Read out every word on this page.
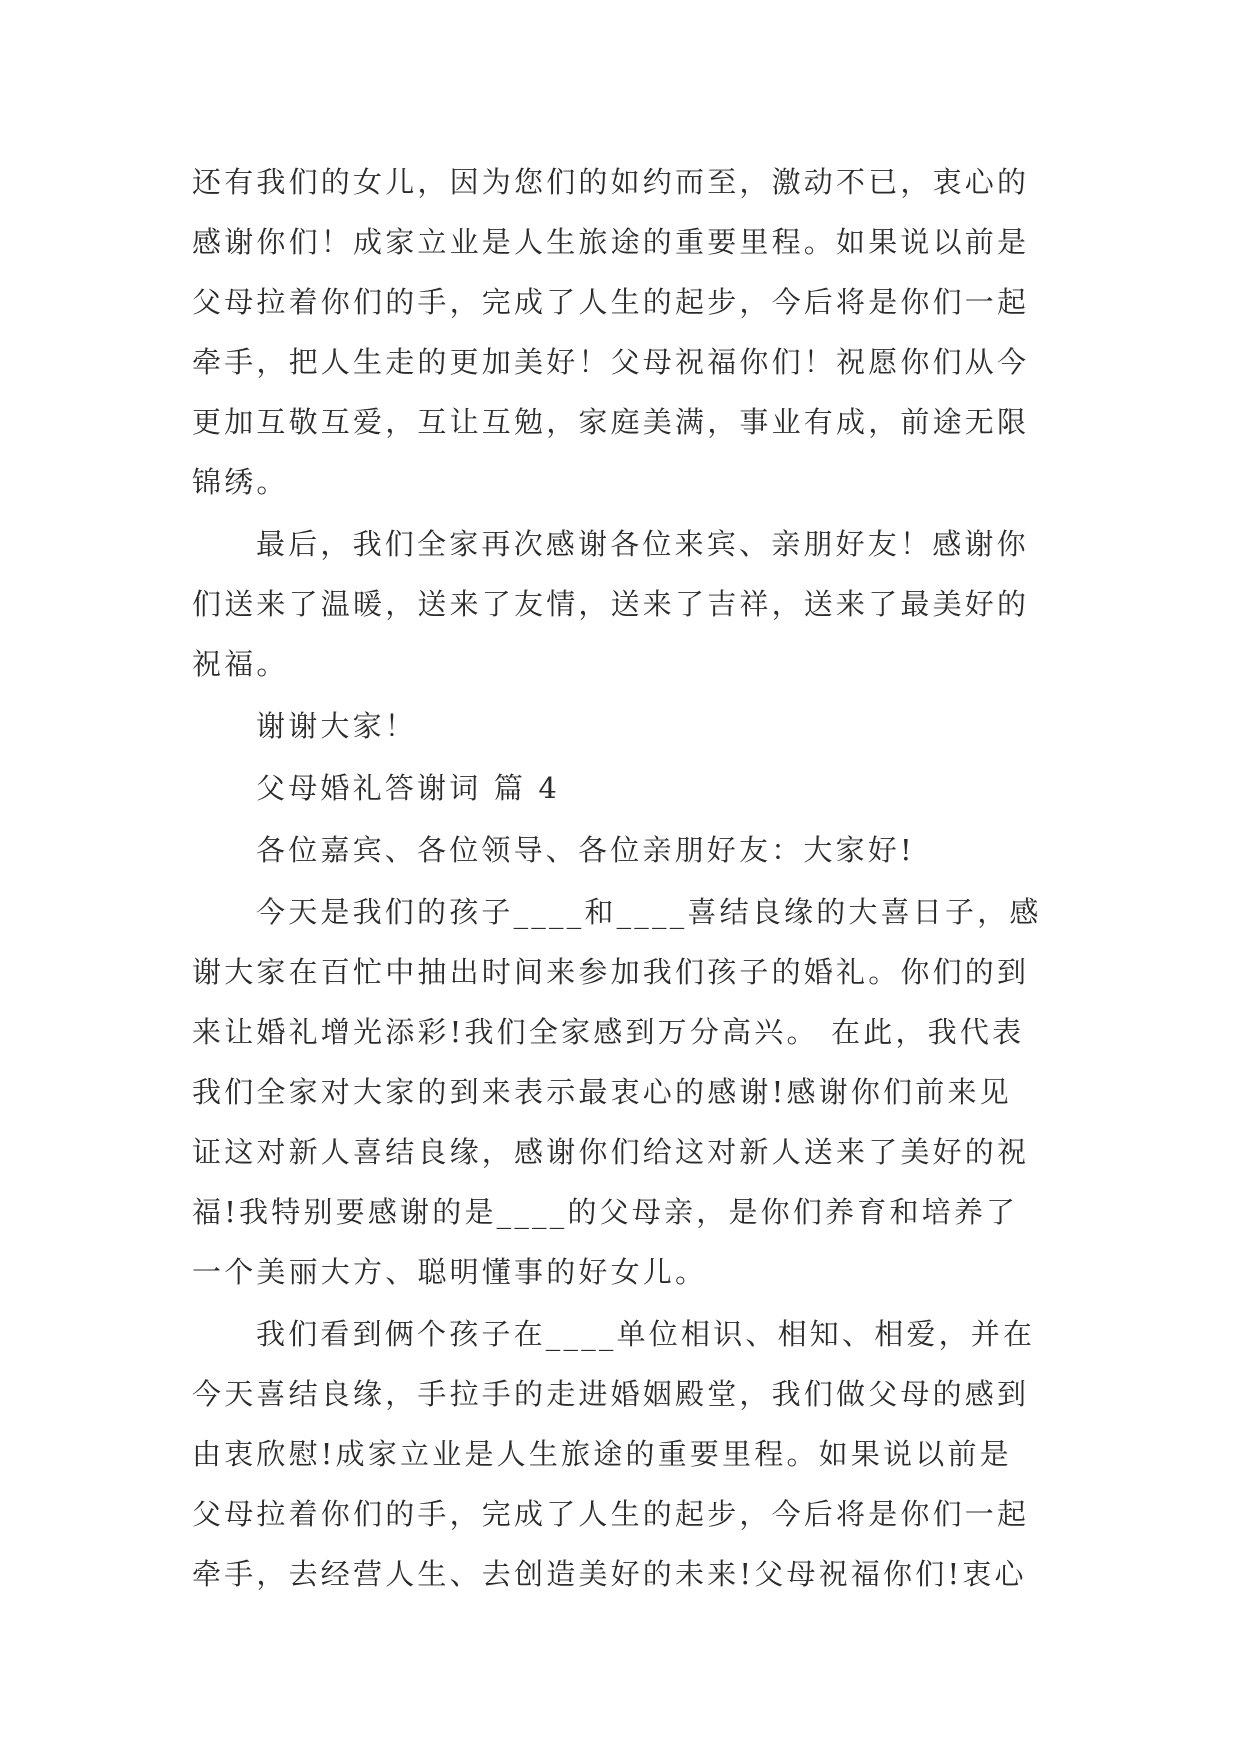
还有我们的女儿，因为您们的如约而至，激动不已，衷心的
感谢你们！成家立业是人生旅途的重要里程。如果说以前是
父母拉着你们的手，完成了人生的起步，今后将是你们一起
牵手，把人生走的更加美好！父母祝福你们！祝愿你们从今
更加互敬互爱，互让互勉，家庭美满，事业有成，前途无限
锦绣。

最后，我们全家再次感谢各位来宾、亲朋好友！感谢你
们送来了温暖，送来了友情，送来了吉祥，送来了最美好的
祝福。

谢谢大家！

父母婚礼答谢词 篇 4

各位嘉宾、各位领导、各位亲朋好友：大家好!

今天是我们的孩子____和____喜结良缘的大喜日子，感
谢大家在百忙中抽出时间来参加我们孩子的婚礼。你们的到
来让婚礼增光添彩!我们全家感到万分高兴。 在此，我代表
我们全家对大家的到来表示最衷心的感谢!感谢你们前来见
证这对新人喜结良缘，感谢你们给这对新人送来了美好的祝
福!我特别要感谢的是____的父母亲，是你们养育和培养了
一个美丽大方、聪明懂事的好女儿。

我们看到俩个孩子在____单位相识、相知、相爱，并在
今天喜结良缘，手拉手的走进婚姻殿堂，我们做父母的感到
由衷欣慰!成家立业是人生旅途的重要里程。如果说以前是
父母拉着你们的手，完成了人生的起步，今后将是你们一起
牵手，去经营人生、去创造美好的未来!父母祝福你们!衷心
